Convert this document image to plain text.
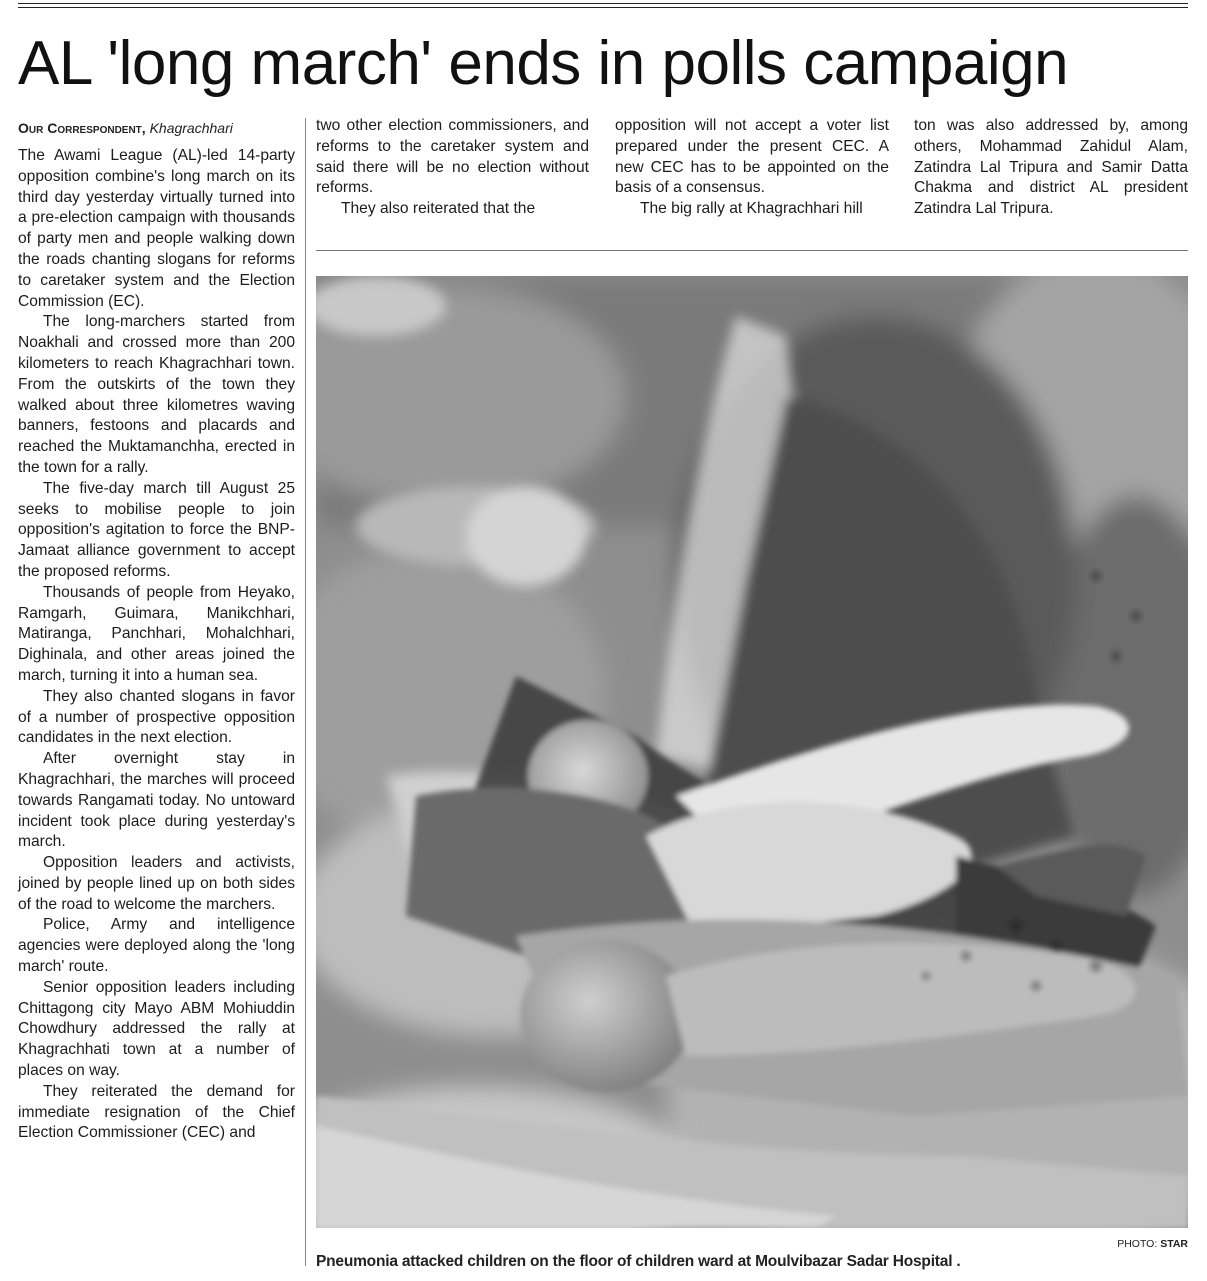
AL 'long march' ends in polls campaign
Our Correspondent, Khagrachhari

The Awami League (AL)-led 14-party opposition combine's long march on its third day yesterday virtually turned into a pre-election campaign with thousands of party men and people walking down the roads chanting slogans for reforms to caretaker system and the Election Commission (EC).

The long-marchers started from Noakhali and crossed more than 200 kilometers to reach Khagrachhari town. From the outskirts of the town they walked about three kilometres waving banners, festoons and placards and reached the Muktamanchha, erected in the town for a rally.

The five-day march till August 25 seeks to mobilise people to join opposition's agitation to force the BNP-Jamaat alliance government to accept the proposed reforms.

Thousands of people from Heyako, Ramgarh, Guimara, Manikchhari, Matiranga, Panchhari, Mohalchhari, Dighinala, and other areas joined the march, turning it into a human sea.

They also chanted slogans in favor of a number of prospective opposition candidates in the next election.

After overnight stay in Khagrachhari, the marches will proceed towards Rangamati today. No untoward incident took place during yesterday's march.

Opposition leaders and activists, joined by people lined up on both sides of the road to welcome the marchers.

Police, Army and intelligence agencies were deployed along the 'long march' route.

Senior opposition leaders including Chittagong city Mayo ABM Mohiuddin Chowdhury addressed the rally at Khagrachhati town at a number of places on way.

They reiterated the demand for immediate resignation of the Chief Election Commissioner (CEC) and

two other election commissioners, and reforms to the caretaker system and said there will be no election without reforms.

They also reiterated that the

opposition will not accept a voter list prepared under the present CEC. A new CEC has to be appointed on the basis of a consensus.

The big rally at Khagrachhari hill

ton was also addressed by, among others, Mohammad Zahidul Alam, Zatindra Lal Tripura and Samir Datta Chakma and district AL president Zatindra Lal Tripura.

PHOTO: STAR
Pneumonia attacked children on the floor of children ward at Moulvibazar Sadar Hospital .
